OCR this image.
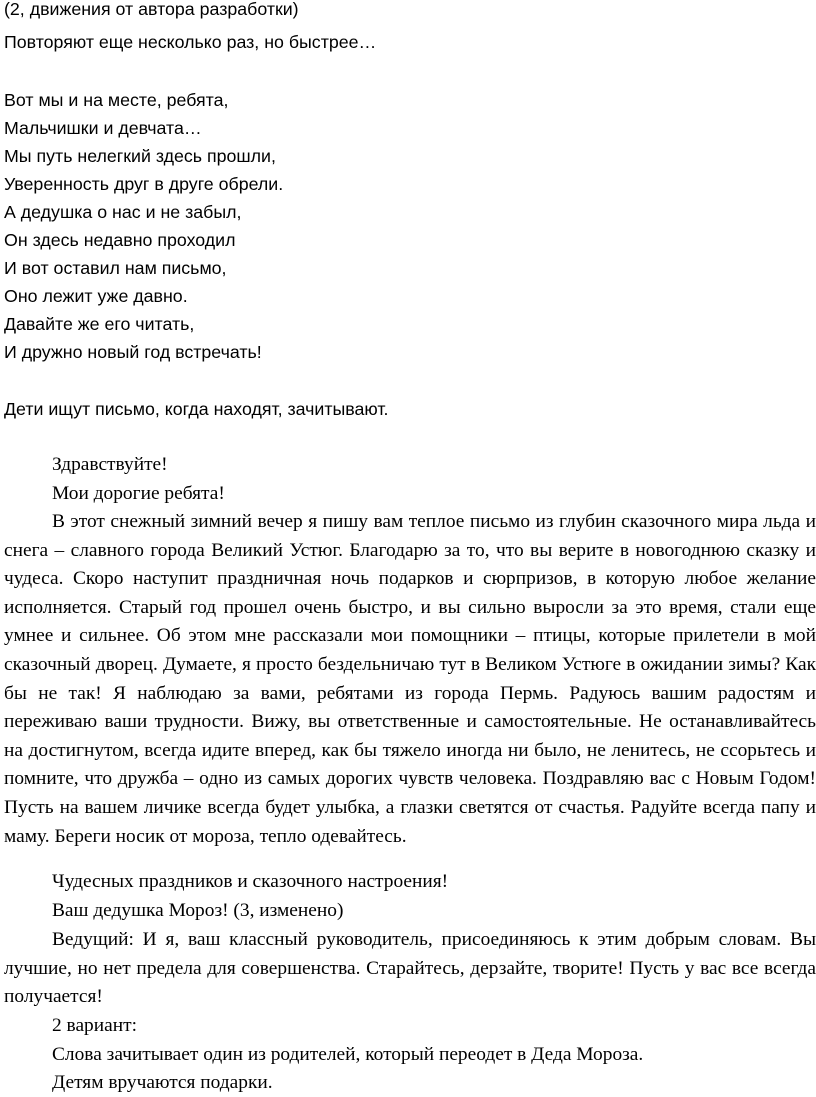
(2, движения от автора разработки)

Повторяют еще несколько раз, но быстрее…

Вот мы и на месте, ребята,

Мальчишки и девчата…

Мы путь нелегкий здесь прошли,

Уверенность друг в друге обрели.

А дедушка о нас и не забыл,

Он здесь недавно проходил

И вот оставил нам письмо,

Оно лежит уже давно.

Давайте же его читать,

И дружно новый год встречать!

Дети ищут письмо, когда находят, зачитывают.

Здравствуйте!

Мои дорогие ребята!

В этот снежный зимний вечер я пишу вам теплое письмо из глубин сказочного мира льда и снега – славного города Великий Устюг. Благодарю за то, что вы верите в новогоднюю сказку и чудеса. Скоро наступит праздничная ночь подарков и сюрпризов, в которую любое желание исполняется. Старый год прошел очень быстро, и вы сильно выросли за это время, стали еще умнее и сильнее. Об этом мне рассказали мои помощники – птицы, которые прилетели в мой сказочный дворец. Думаете, я просто бездельничаю тут в Великом Устюге в ожидании зимы? Как бы не так! Я наблюдаю за вами, ребятами из города Пермь. Радуюсь вашим радостям и переживаю ваши трудности. Вижу, вы ответственные и самостоятельные. Не останавливайтесь на достигнутом, всегда идите вперед, как бы тяжело иногда ни было, не ленитесь, не ссорьтесь и помните, что дружба – одно из самых дорогих чувств человека. Поздравляю вас с Новым Годом! Пусть на вашем личике всегда будет улыбка, а глазки светятся от счастья. Радуйте всегда папу и маму. Береги носик от мороза, тепло одевайтесь.

Чудесных праздников и сказочного настроения!

Ваш дедушка Мороз! (3, изменено)

Ведущий: И я, ваш классный руководитель, присоединяюсь к этим добрым словам. Вы лучшие, но нет предела для совершенства. Старайтесь, дерзайте, творите! Пусть у вас все всегда получается!

2 вариант:

Слова зачитывает один из родителей, который переодет в Деда Мороза.

Детям вручаются подарки.
